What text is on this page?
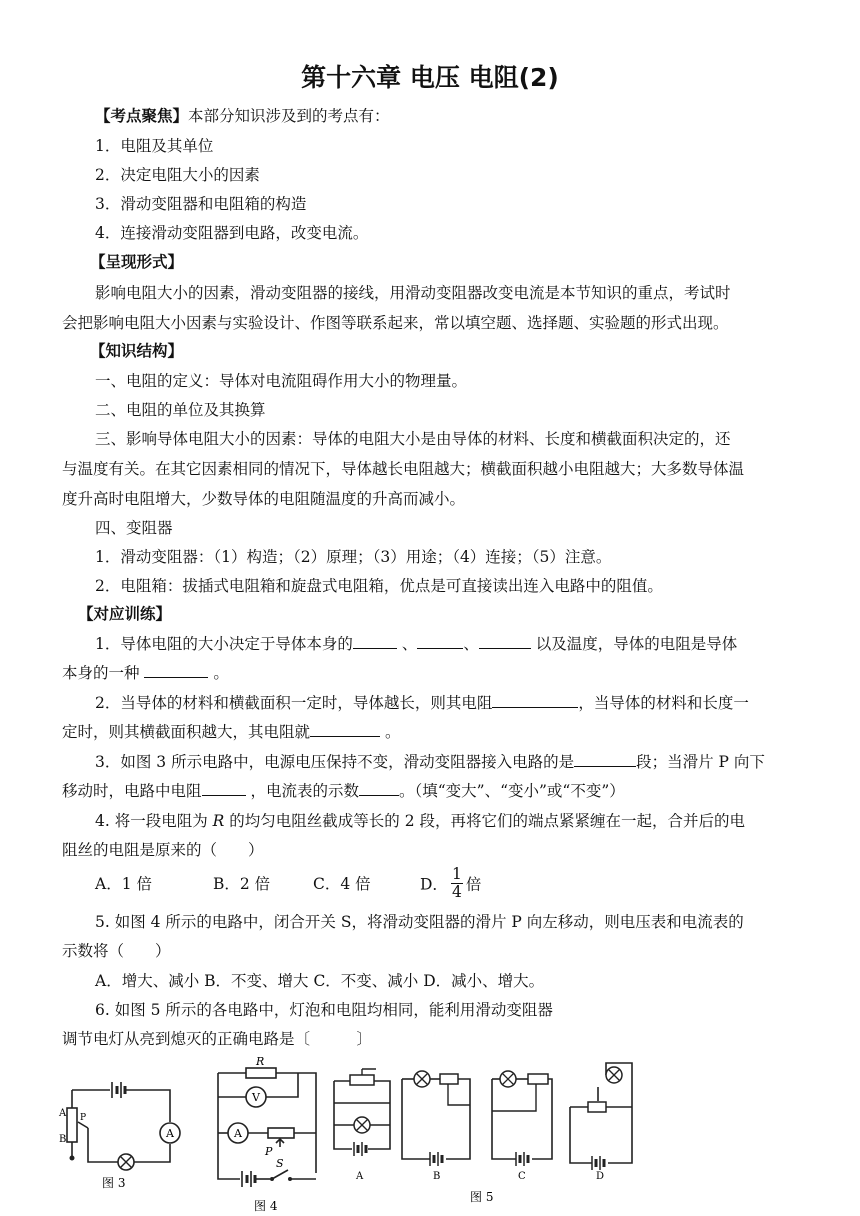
第十六章 电压 电阻(2)
【考点聚焦】本部分知识涉及到的考点有：
1．电阻及其单位
2．决定电阻大小的因素
3．滑动变阻器和电阻箱的构造
4．连接滑动变阻器到电路，改变电流。
【呈现形式】
影响电阻大小的因素，滑动变阻器的接线，用滑动变阻器改变电流是本节知识的重点，考试时
会把影响电阻大小因素与实验设计、作图等联系起来，常以填空题、选择题、实验题的形式出现。
【知识结构】
一、电阻的定义：导体对电流阻碍作用大小的物理量。
二、电阻的单位及其换算
三、影响导体电阻大小的因素：导体的电阻大小是由导体的材料、长度和横截面积决定的，还
与温度有关。在其它因素相同的情况下，导体越长电阻越大；横截面积越小电阻越大；大多数导体温
度升高时电阻增大，少数导体的电阻随温度的升高而减小。
四、变阻器
1．滑动变阻器：（1）构造；（2）原理；（3）用途；（4）连接；（5）注意。
2．电阻箱：拔插式电阻箱和旋盘式电阻箱，优点是可直接读出连入电路中的阻值。
【对应训练】
1．导体电阻的大小决定于导体本身的	、	、	以及温度，导体的电阻是导体
本身的一种	。
2．当导体的材料和横截面积一定时，导体越长，则其电阻	，当导体的材料和长度一
定时，则其横截面积越大，其电阻就	。
3．如图 3 所示电路中，电源电压保持不变，滑动变阻器接入电路的是	段；当滑片 P 向下
移动时，电路中电阻	，电流表的示数	。（填“变大”、“变小”或“不变”）
4. 将一段电阻为 R 的均匀电阻丝截成等长的 2 段，再将它们的端点紧紧缠在一起，合并后的电
阻丝的电阻是原来的（　　）
A．1 倍	B．2 倍	C．4 倍	D． $\frac{1}{4}$ 倍
5. 如图 4 所示的电路中，闭合开关 S，将滑动变阻器的滑片 P 向左移动，则电压表和电流表的
示数将（　　）
A．增大、减小 B．不变、增大 C．不变、减小 D．减小、增大。
6. 如图 5 所示的各电路中，灯泡和电阻均相同，能利用滑动变阻器
调节电灯从亮到熄灭的正确电路是〔　　　〕
A
B
P
A
图 3
R
V
A
P
S
图 4
A	B	C	D
图 5
